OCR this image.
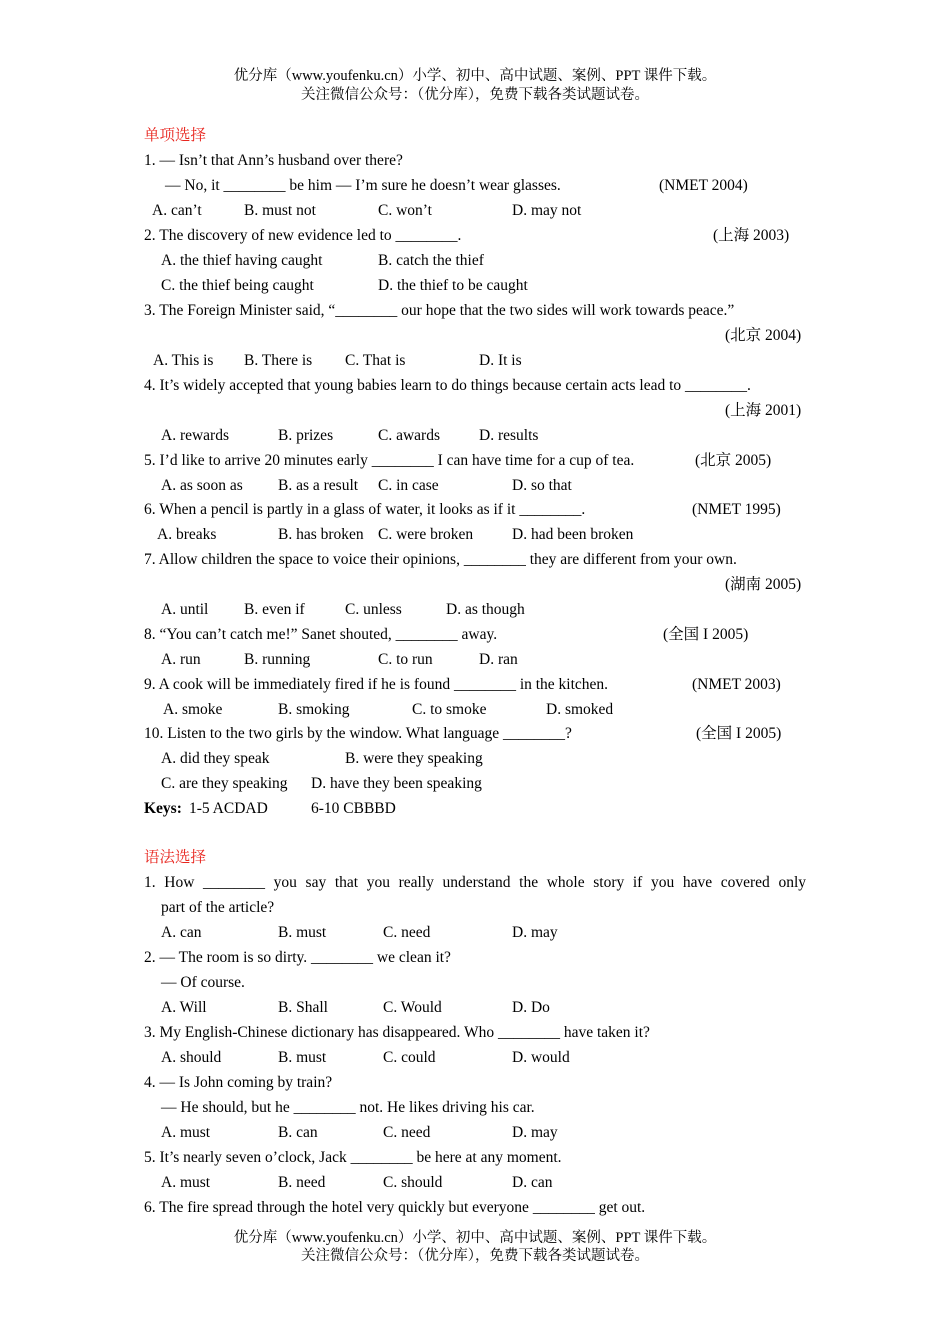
优分库（www.youfenku.cn）小学、初中、高中试题、案例、PPT 课件下载。
关注微信公众号：（优分库），免费下载各类试题试卷。
单项选择
1. — Isn’t that Ann’s husband over there?
— No, it ________ be him — I’m sure he doesn’t wear glasses.	(NMET 2004)
A. can’t	B. must not	C. won’t	D. may not
2. The discovery of new evidence led to ________.	(上海 2003)
A. the thief having caught	B. catch the thief
C. the thief being caught	D. the thief to be caught
3. The Foreign Minister said, “________ our hope that the two sides will work towards peace.”
(北京 2004)
A. This is B. There is C. That is	D. It is
4. It’s widely accepted that young babies learn to do things because certain acts lead to ________.
(上海 2001)
A. rewards	B. prizes	C. awards	D. results
5. I’d like to arrive 20 minutes early ________ I can have time for a cup of tea.	(北京 2005)
A. as soon as B. as a result C. in case	D. so that
6. When a pencil is partly in a glass of water, it looks as if it ________.	(NMET 1995)
A. breaks	B. has broken C. were broken	D. had been broken
7. Allow children the space to voice their opinions, ________ they are different from your own.
(湖南 2005)
A. until B. even if	C. unless	D. as though
8. “You can’t catch me!” Sanet shouted, ________ away.	(全国 I 2005)
A. run	B. running	C. to run	D. ran
9. A cook will be immediately fired if he is found ________ in the kitchen.	(NMET 2003)
A. smoke	B. smoking	C. to smoke	D. smoked
10. Listen to the two girls by the window. What language ________?	(全国 I 2005)
A. did they speak	B. were they speaking
C. are they speaking D. have they been speaking
Keys: 1-5 ACDAD	6-10 CBBBD
语法选择
1. How ________ you say that you really understand the whole story if you have covered only
part of the article?
A. can	B. must	C. need	D. may
2. — The room is so dirty. ________ we clean it?
— Of course.
A. Will	B. Shall	C. Would	D. Do
3. My English-Chinese dictionary has disappeared. Who ________ have taken it?
A. should	B. must	C. could	D. would
4. — Is John coming by train?
— He should, but he ________ not. He likes driving his car.
A. must	B. can	C. need	D. may
5. It’s nearly seven o’clock, Jack ________ be here at any moment.
A. must	B. need	C. should	D. can
6. The fire spread through the hotel very quickly but everyone ________ get out.
优分库（www.youfenku.cn）小学、初中、高中试题、案例、PPT 课件下载。
关注微信公众号：（优分库），免费下载各类试题试卷。
